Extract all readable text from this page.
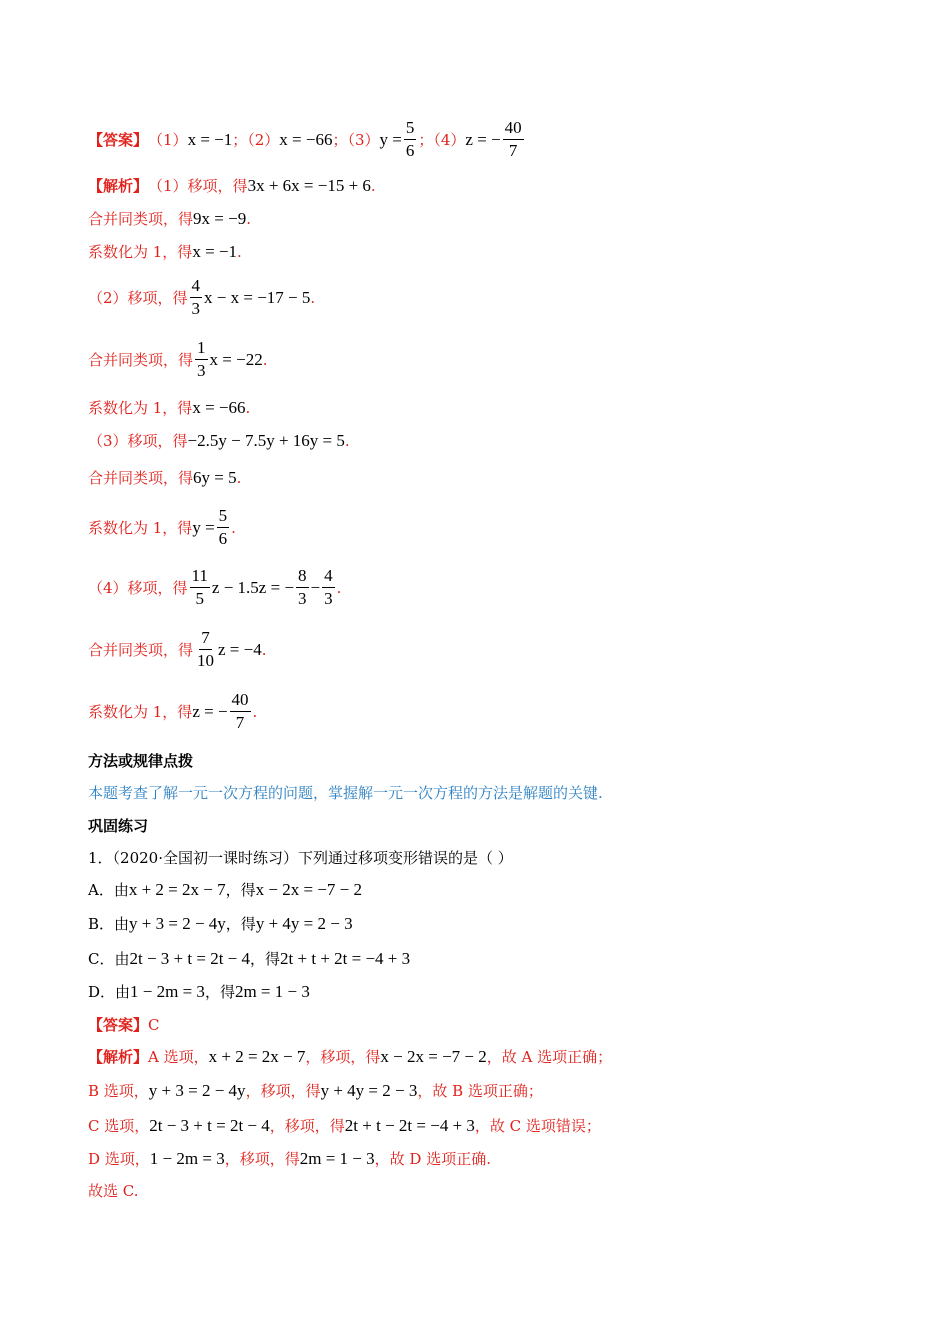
【答案】 （1） x = −1 ；（2） x = −66 ；（3） $y = \frac{5}{6}$ ；（4） z = − $\frac{40}{7}$
【解析】 （1）移项，得 3x + 6x = −15 + 6 .
合并同类项，得 9x = −9 .
系数化为 1，得 x = −1 .
（2）移项，得 $\frac{4}{3}$ x − x = −17 − 5 .
合并同类项，得 $\frac{1}{3}$ x = −22 .
系数化为 1，得 x = −66 .
（3）移项，得 −2.5y − 7.5y + 16y = 5 .
合并同类项，得 6y = 5 .
系数化为 1，得 $y = \frac{5}{6}$ .
（4）移项，得 $\frac{11}{5}$ z − 1.5z = − $\frac{8}{3} - \frac{4}{3}$ .
合并同类项，得 $\frac{7}{10}$ z = −4 .
系数化为 1，得 z = − $\frac{40}{7}$ .
方法或规律点拨
本题考查了解一元一次方程的问题，掌握解一元一次方程的方法是解题的关键.
巩固练习
1．（2020·全国初一课时练习）下列通过移项变形错误的是（ ）
A．由 x + 2 = 2x − 7 ，得 x − 2x = −7 − 2
B．由 y + 3 = 2 − 4y ，得 y + 4y = 2 − 3
C．由 2t − 3 + t = 2t − 4 ，得 2t + t + 2t = −4 + 3
D．由 1 − 2m = 3 ，得 2m = 1 − 3
【答案】 C
【解析】 A 选项， x + 2 = 2x − 7 ，移项，得 x − 2x = −7 − 2 ，故 A 选项正确；
B 选项， y + 3 = 2 − 4y ，移项，得 y + 4y = 2 − 3 ，故 B 选项正确；
C 选项， 2t − 3 + t = 2t − 4 ，移项，得 2t + t − 2t = −4 + 3 ，故 C 选项错误；
D 选项， 1 − 2m = 3 ，移项，得 2m = 1 − 3 ，故 D 选项正确.
故选 C.
